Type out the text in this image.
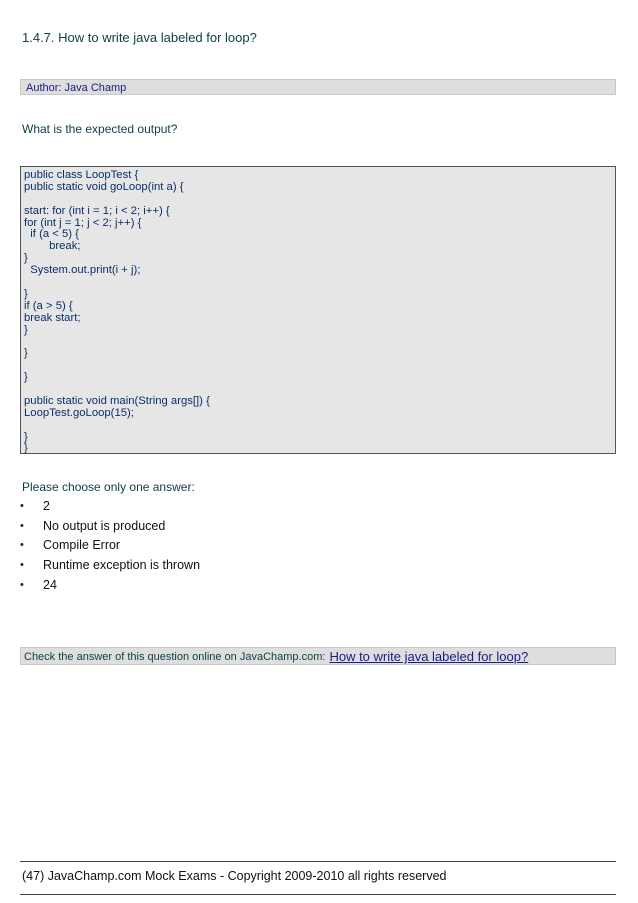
1.4.7. How to write java labeled for loop?
Author: Java Champ
What is the expected output?
public class LoopTest {
public static void goLoop(int a) {
start: for (int i = 1; i < 2; i++) {
for (int j = 1; j < 2; j++) {
if (a < 5) {
break;
}
System.out.print(i + j);
}
if (a > 5) {
break start;
}
}
}
public static void main(String args[]) {
LoopTest.goLoop(15);
}
}
Please choose only one answer:
•	2
•	No output is produced
•	Compile Error
•	Runtime exception is thrown
•	24
Check the answer of this question online on JavaChamp.com: How to write java labeled for loop?
(47) JavaChamp.com Mock Exams - Copyright 2009-2010 all rights reserved
